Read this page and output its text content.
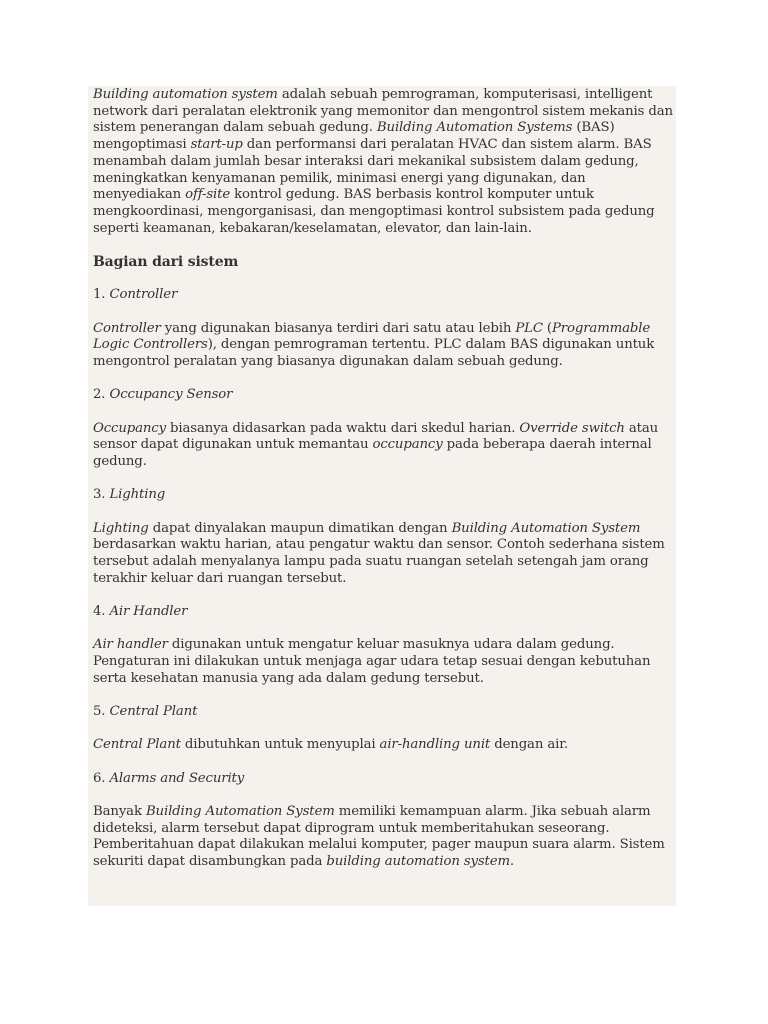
Building automation system adalah sebuah pemrograman, komputerisasi, intelligent network dari peralatan elektronik yang memonitor dan mengontrol sistem mekanis dan sistem penerangan dalam sebuah gedung. Building Automation Systems (BAS) mengoptimasi start-up dan performansi dari peralatan HVAC dan sistem alarm. BAS menambah dalam jumlah besar interaksi dari mekanikal subsistem dalam gedung, meningkatkan kenyamanan pemilik, minimasi energi yang digunakan, dan menyediakan off-site kontrol gedung. BAS berbasis kontrol komputer untuk mengkoordinasi, mengorganisasi, dan mengoptimasi kontrol subsistem pada gedung seperti keamanan, kebakaran/keselamatan, elevator, dan lain-lain.

Bagian dari sistem

1. Controller

Controller yang digunakan biasanya terdiri dari satu atau lebih PLC (Programmable Logic Controllers), dengan pemrograman tertentu. PLC dalam BAS digunakan untuk mengontrol peralatan yang biasanya digunakan dalam sebuah gedung.

2. Occupancy Sensor

Occupancy biasanya didasarkan pada waktu dari skedul harian. Override switch atau sensor dapat digunakan untuk memantau occupancy pada beberapa daerah internal gedung.

3. Lighting

Lighting dapat dinyalakan maupun dimatikan dengan Building Automation System berdasarkan waktu harian, atau pengatur waktu dan sensor. Contoh sederhana sistem tersebut adalah menyalanya lampu pada suatu ruangan setelah setengah jam orang terakhir keluar dari ruangan tersebut.

4. Air Handler

Air handler digunakan untuk mengatur keluar masuknya udara dalam gedung. Pengaturan ini dilakukan untuk menjaga agar udara tetap sesuai dengan kebutuhan serta kesehatan manusia yang ada dalam gedung tersebut.

5. Central Plant

Central Plant dibutuhkan untuk menyuplai air-handling unit dengan air.

6. Alarms and Security

Banyak Building Automation System memiliki kemampuan alarm. Jika sebuah alarm dideteksi, alarm tersebut dapat diprogram untuk memberitahukan seseorang. Pemberitahuan dapat dilakukan melalui komputer, pager maupun suara alarm. Sistem sekuriti dapat disambungkan pada building automation system.
